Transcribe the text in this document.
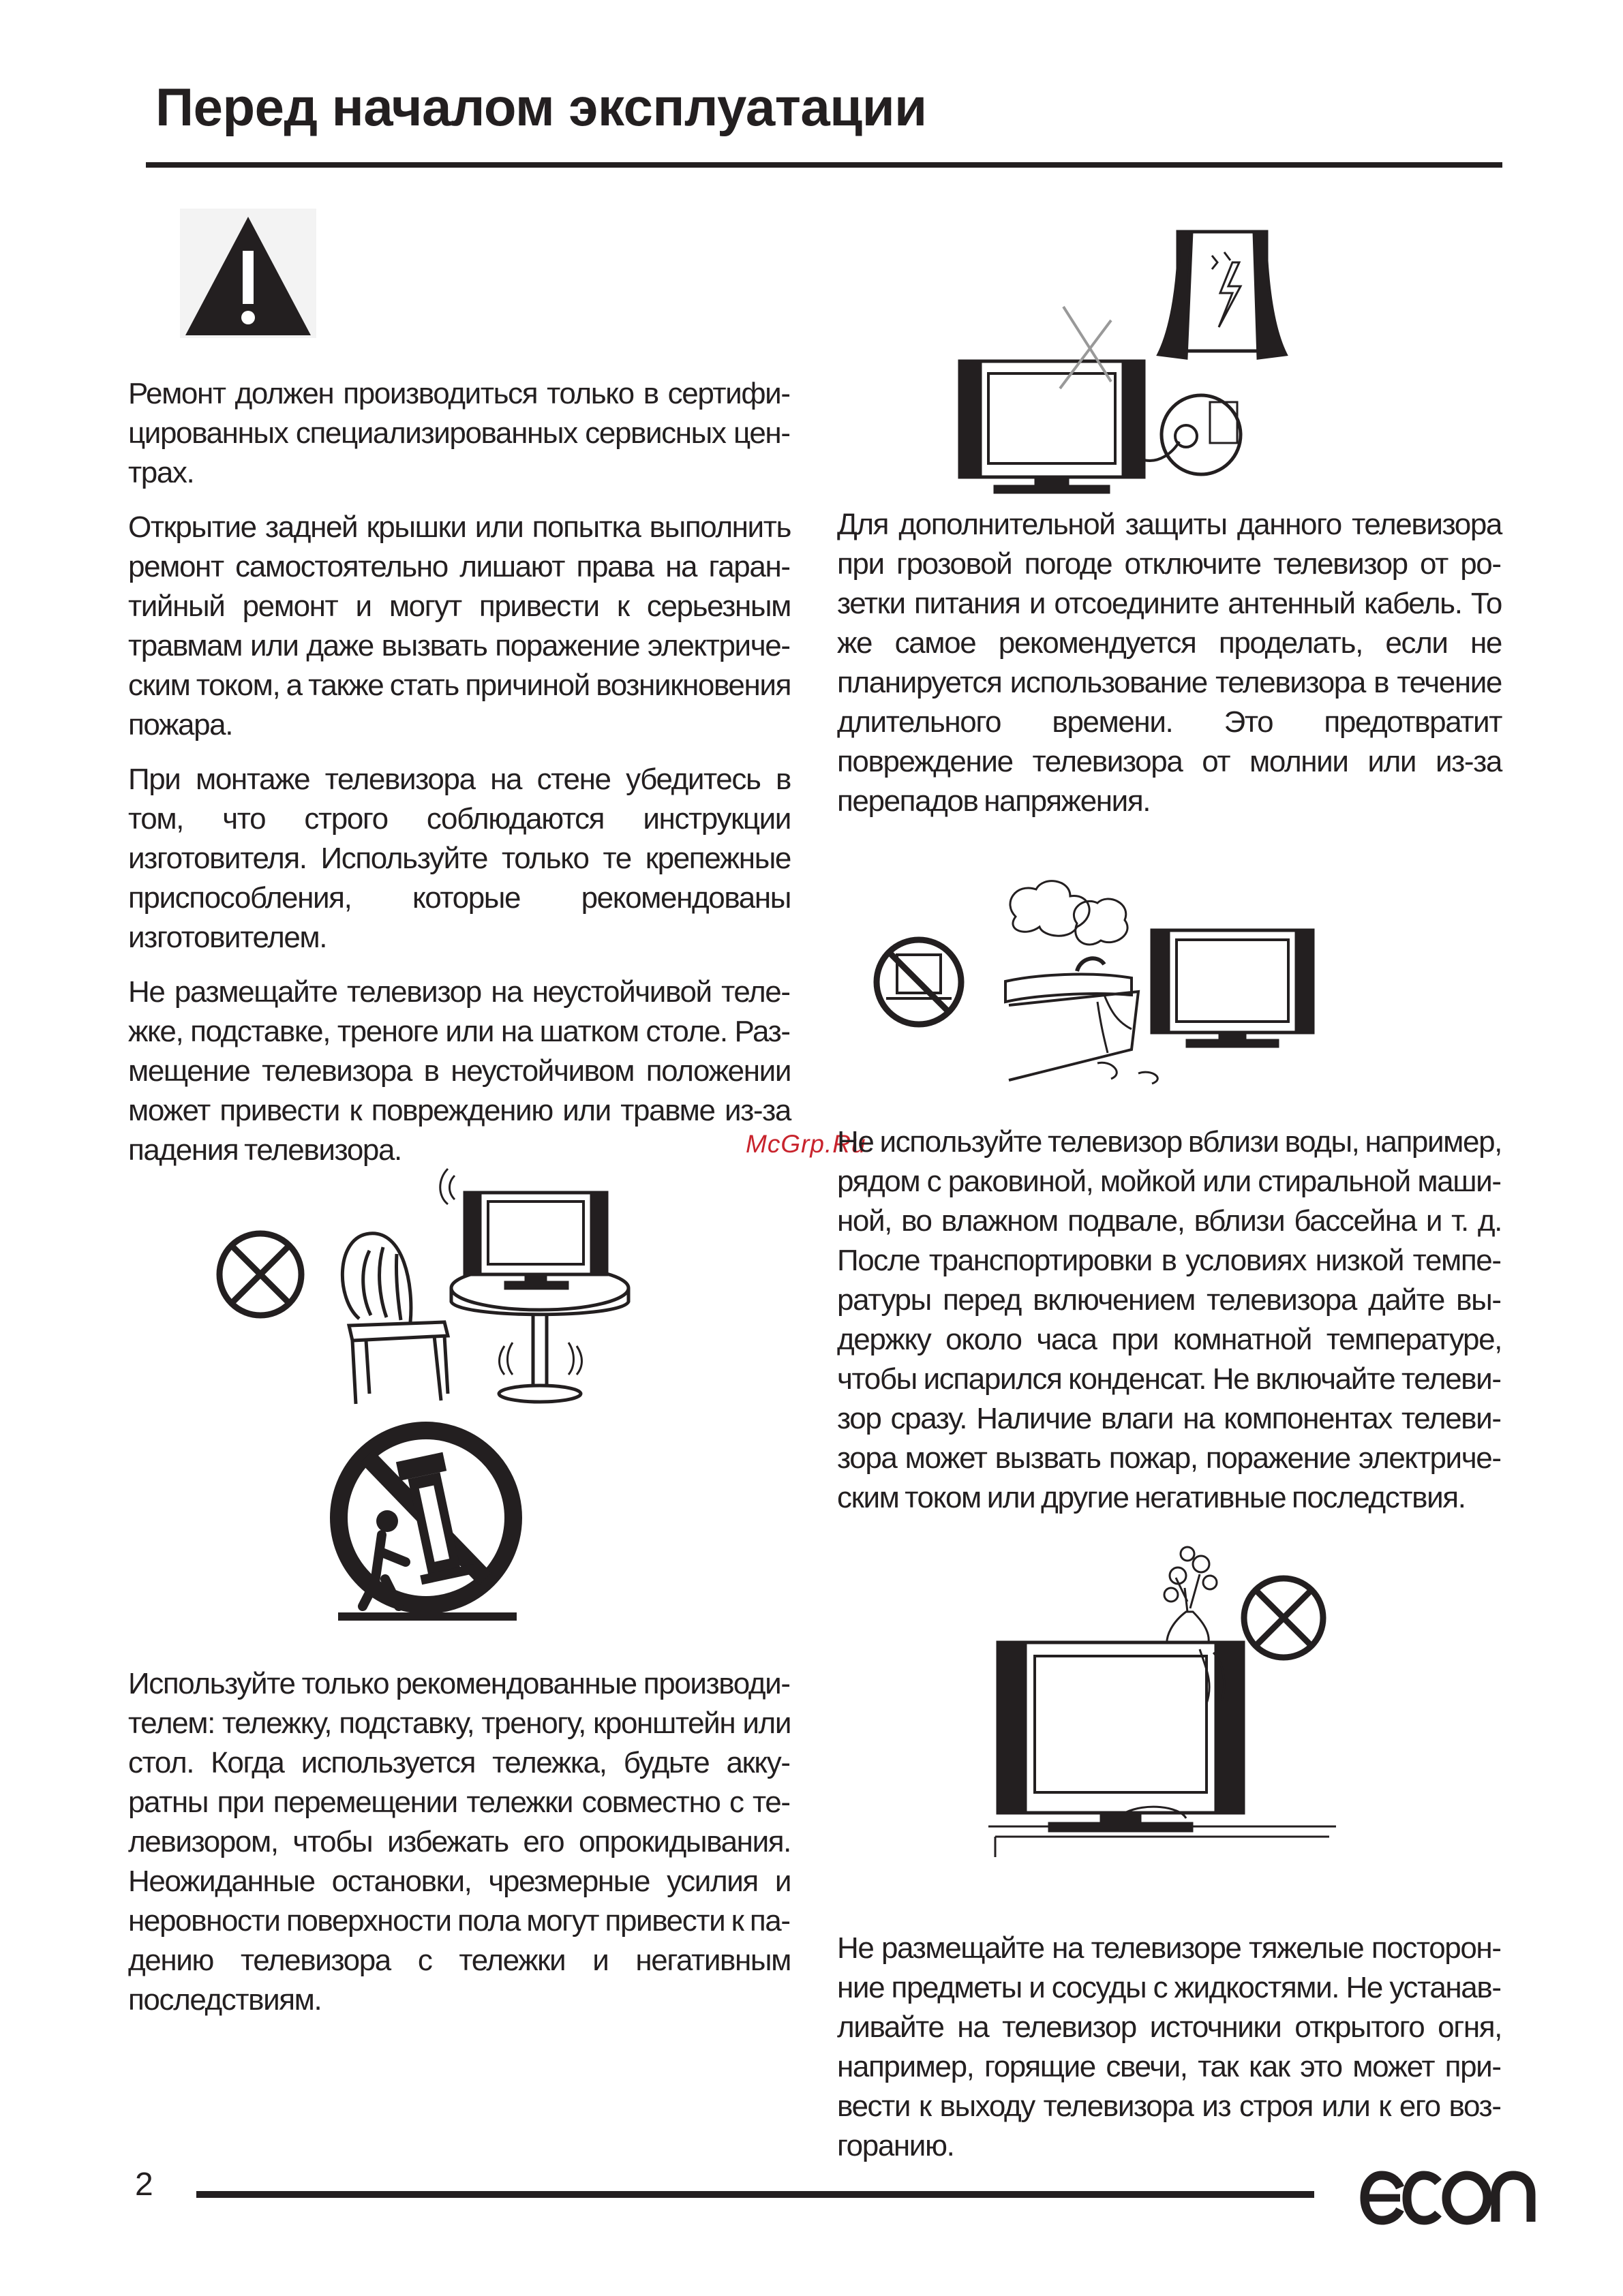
Перед началом эксплуатации

Ремонт должен производиться только в сертифицированных специализированных сервисных центрах.

Открытие задней крышки или попытка выполнить ремонт самостоятельно лишают права на гарантийный ремонт и могут привести к серьезным травмам или даже вызвать поражение электрическим током, а также стать причиной возникновения пожара.

При монтаже телевизора на стене убедитесь в том, что строго соблюдаются инструкции изготовителя. Используйте только те крепежные приспособления, которые рекомендованы изготовителем.

Не размещайте телевизор на неустойчивой тележке, подставке, треноге или на шатком столе. Размещение телевизора в неустойчивом положении может привести к повреждению или травме из-за падения телевизора.

Используйте только рекомендованные производителем: тележку, подставку, треногу, кронштейн или стол. Когда используется тележка, будьте аккуратны при перемещении тележки совместно с телевизором, чтобы избежать его опрокидывания. Неожиданные остановки, чрезмерные усилия и неровности поверхности пола могут привести к падению телевизора с тележки и негативным последствиям.

Для дополнительной защиты данного телевизора при грозовой погоде отключите телевизор от розетки питания и отсоедините антенный кабель. То же самое рекомендуется проделать, если не планируется использование телевизора в течение длительного времени. Это предотвратит повреждение телевизора от молнии или из-за перепадов напряжения.

McGrp.Ru

Не используйте телевизор вблизи воды, например, рядом с раковиной, мойкой или стиральной машиной, во влажном подвале, вблизи бассейна и т. д. После транспортировки в условиях низкой температуры перед включением телевизора дайте выдержку около часа при комнатной температуре, чтобы испарился конденсат. Не включайте телевизор сразу. Наличие влаги на компонентах телевизора может вызвать пожар, поражение электрическим током или другие негативные последствия.

Не размещайте на телевизоре тяжелые посторонние предметы и сосуды с жидкостями. Не устанавливайте на телевизор источники открытого огня, например, горящие свечи, так как это может привести к выходу телевизора из строя или к его возгоранию.

2
